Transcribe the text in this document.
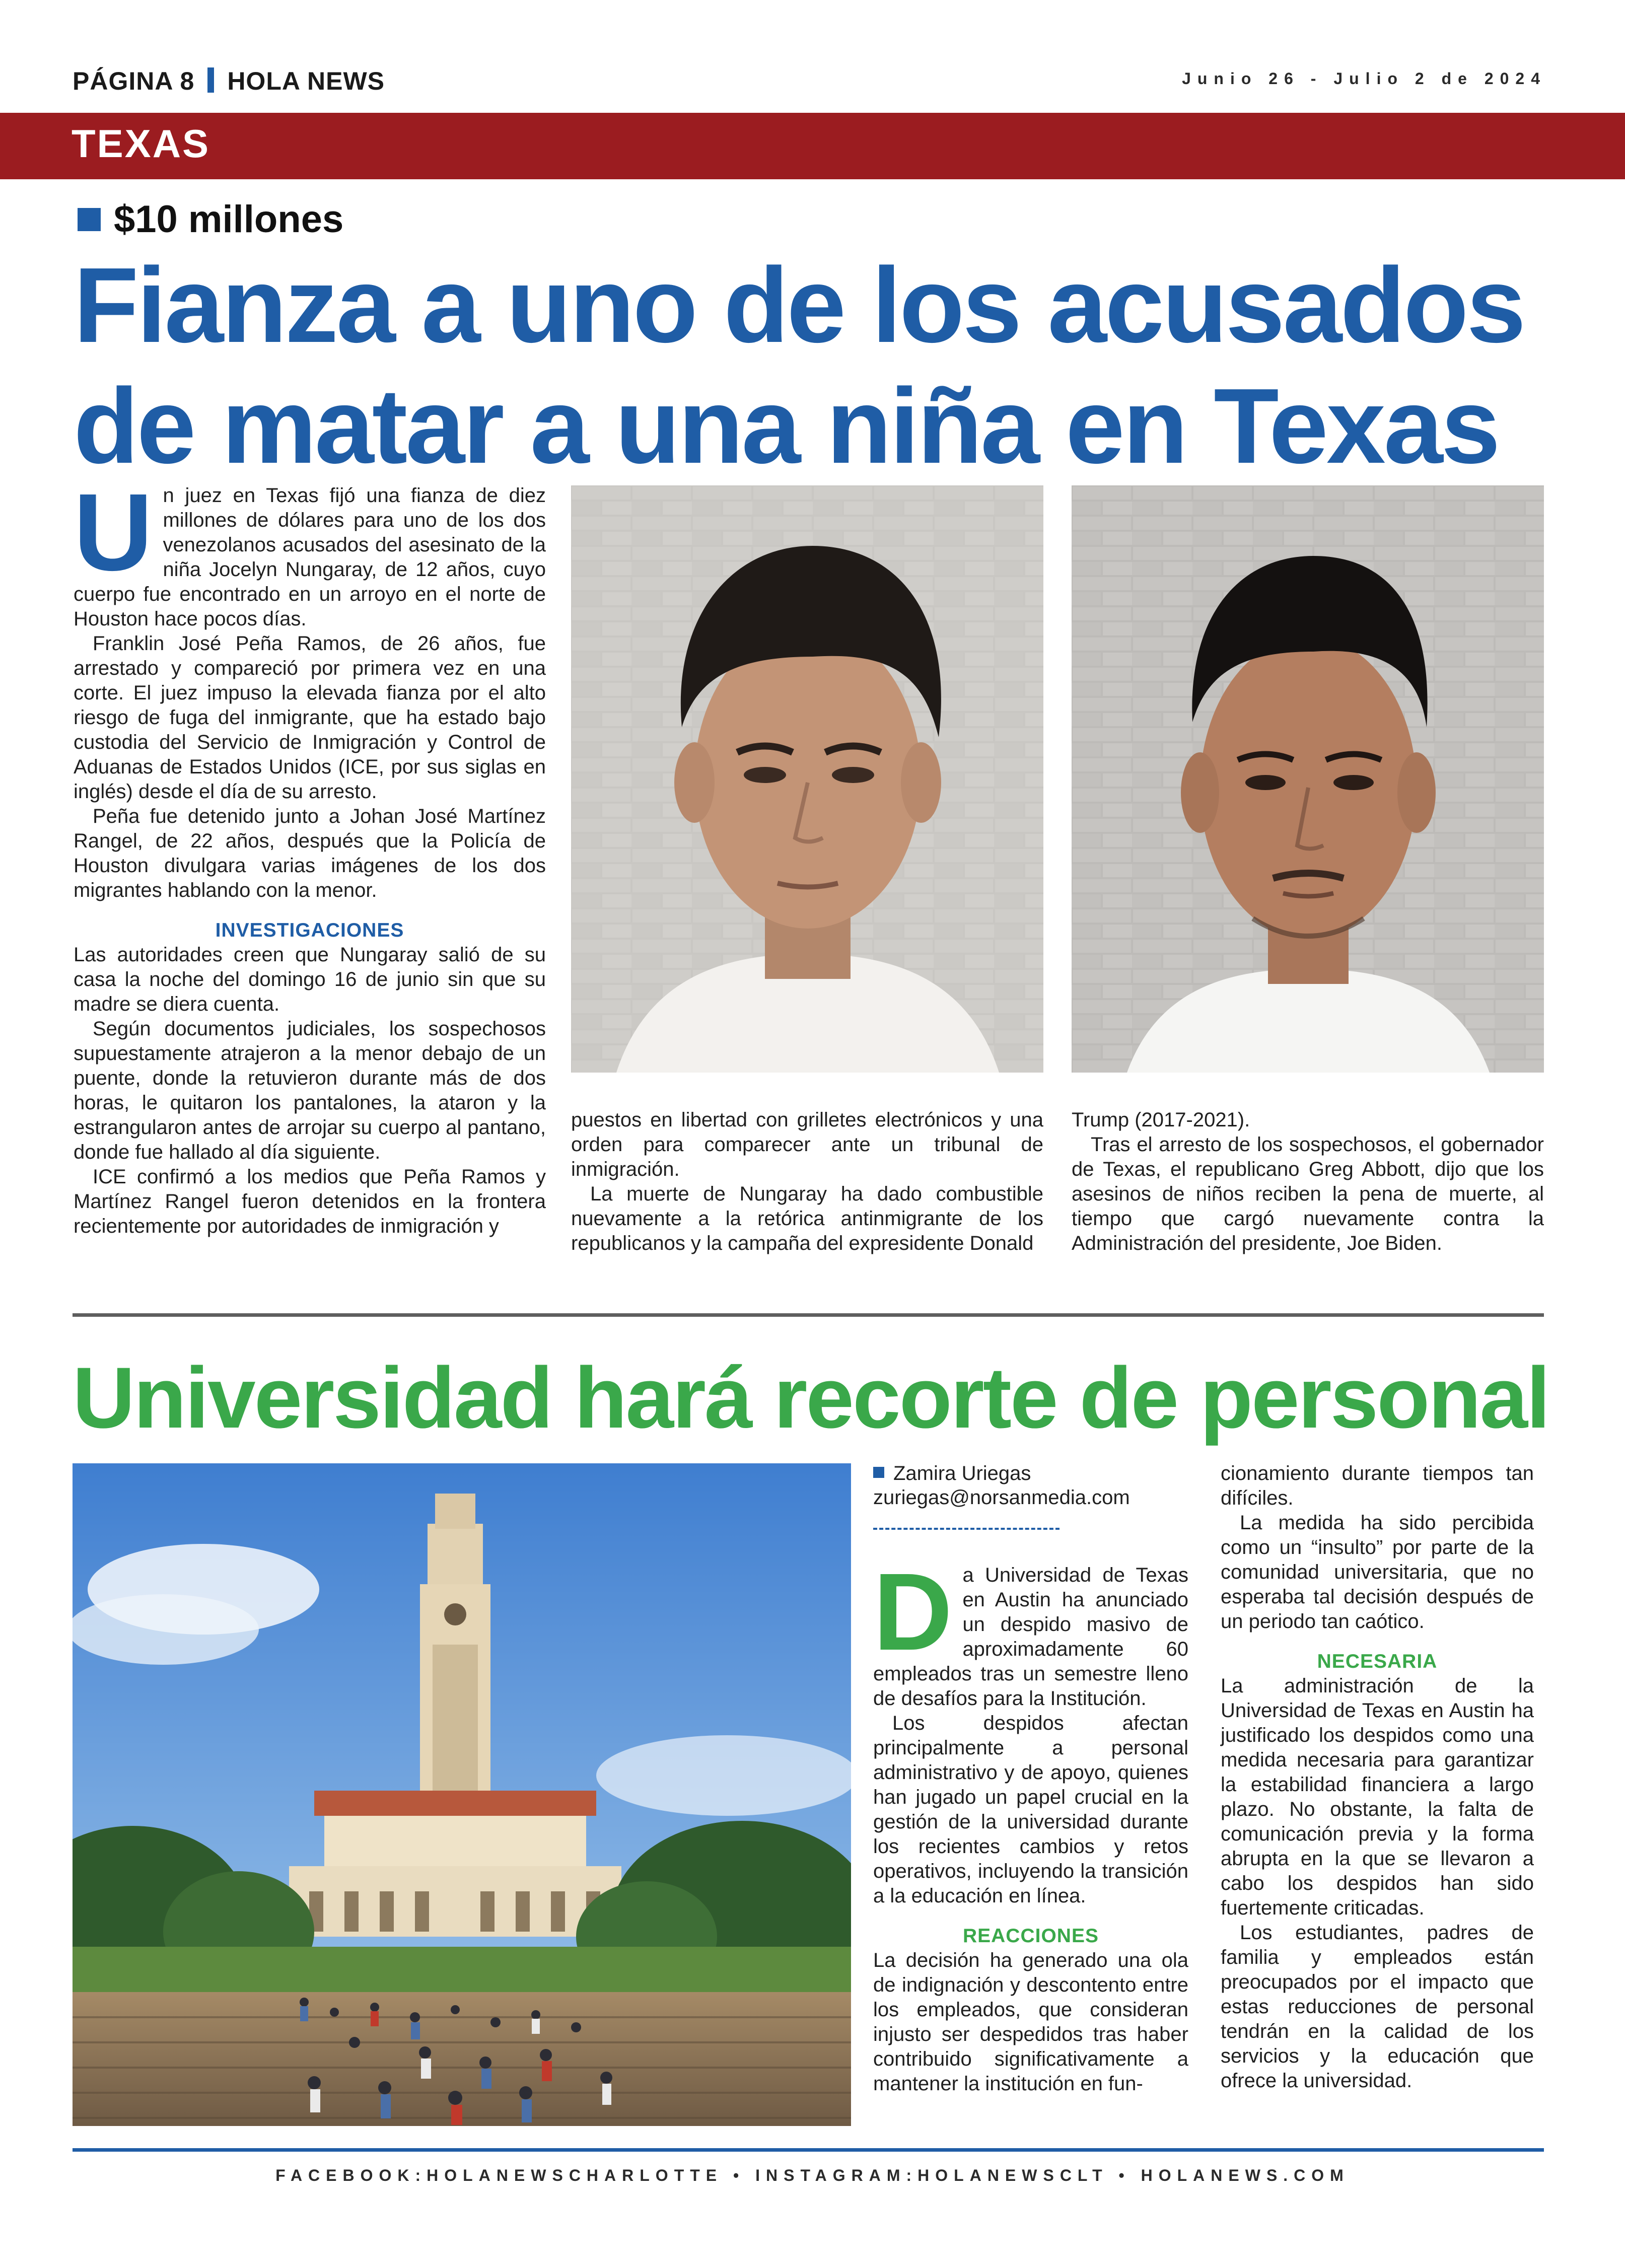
PÁGINA 8 HOLA NEWS	Junio 26 - Julio 2 de 2024
TEXAS
$10 millones
Fianza a uno de los acusados
de matar a una niña en Texas
U n juez en Texas fijó una fianza de diez millones de dólares para uno de los dos venezolanos acusados del asesinato de la niña Jocelyn Nungaray, de 12 años, cuyo cuerpo fue encontrado en un arroyo en el norte de Houston hace pocos días.

Franklin José Peña Ramos, de 26 años, fue arrestado y compareció por primera vez en una corte. El juez impuso la elevada fianza por el alto riesgo de fuga del inmigrante, que ha estado bajo custodia del Servicio de Inmigración y Control de Aduanas de Estados Unidos (ICE, por sus siglas en inglés) desde el día de su arresto.

Peña fue detenido junto a Johan José Martínez Rangel, de 22 años, después que la Policía de Houston divulgara varias imágenes de los dos migrantes hablando con la menor.

INVESTIGACIONES

Las autoridades creen que Nungaray salió de su casa la noche del domingo 16 de junio sin que su madre se diera cuenta.

Según documentos judiciales, los sospechosos supuestamente atrajeron a la menor debajo de un puente, donde la retuvieron durante más de dos horas, le quitaron los pantalones, la ataron y la estrangularon antes de arrojar su cuerpo al pantano, donde fue hallado al día siguiente.

ICE confirmó a los medios que Peña Ramos y Martínez Rangel fueron detenidos en la frontera recientemente por autoridades de inmigración y

puestos en libertad con grilletes electrónicos y una orden para comparecer ante un tribunal de inmigración.

La muerte de Nungaray ha dado combustible nuevamente a la retórica antinmigrante de los republicanos y la campaña del expresidente Donald

Trump (2017-2021).

Tras el arresto de los sospechosos, el gobernador de Texas, el republicano Greg Abbott, dijo que los asesinos de niños reciben la pena de muerte, al tiempo que cargó nuevamente contra la Administración del presidente, Joe Biden.

Universidad hará recorte de personal
Zamira Uriegas
zuriegas@norsanmedia.com
D a Universidad de Texas en Austin ha anunciado un despido masivo de aproximadamente 60 empleados tras un semestre lleno de desafíos para la Institución.

Los despidos afectan principalmente a personal administrativo y de apoyo, quienes han jugado un papel crucial en la gestión de la universidad durante los recientes cambios y retos operativos, incluyendo la transición a la educación en línea.

REACCIONES

La decisión ha generado una ola de indignación y descontento entre los empleados, que consideran injusto ser despedidos tras haber contribuido significativamente a mantener la institución en fun-

cionamiento durante tiempos tan difíciles.

La medida ha sido percibida como un “insulto” por parte de la comunidad universitaria, que no esperaba tal decisión después de un periodo tan caótico.

NECESARIA

La administración de la Universidad de Texas en Austin ha justificado los despidos como una medida necesaria para garantizar la estabilidad financiera a largo plazo. No obstante, la falta de comunicación previa y la forma abrupta en la que se llevaron a cabo los despidos han sido fuertemente criticadas.

Los estudiantes, padres de familia y empleados están preocupados por el impacto que estas reducciones de personal tendrán en la calidad de los servicios y la educación que ofrece la universidad.

FACEBOOK:HOLANEWSCHARLOTTE • INSTAGRAM:HOLANEWSCLT • HOLANEWS.COM
